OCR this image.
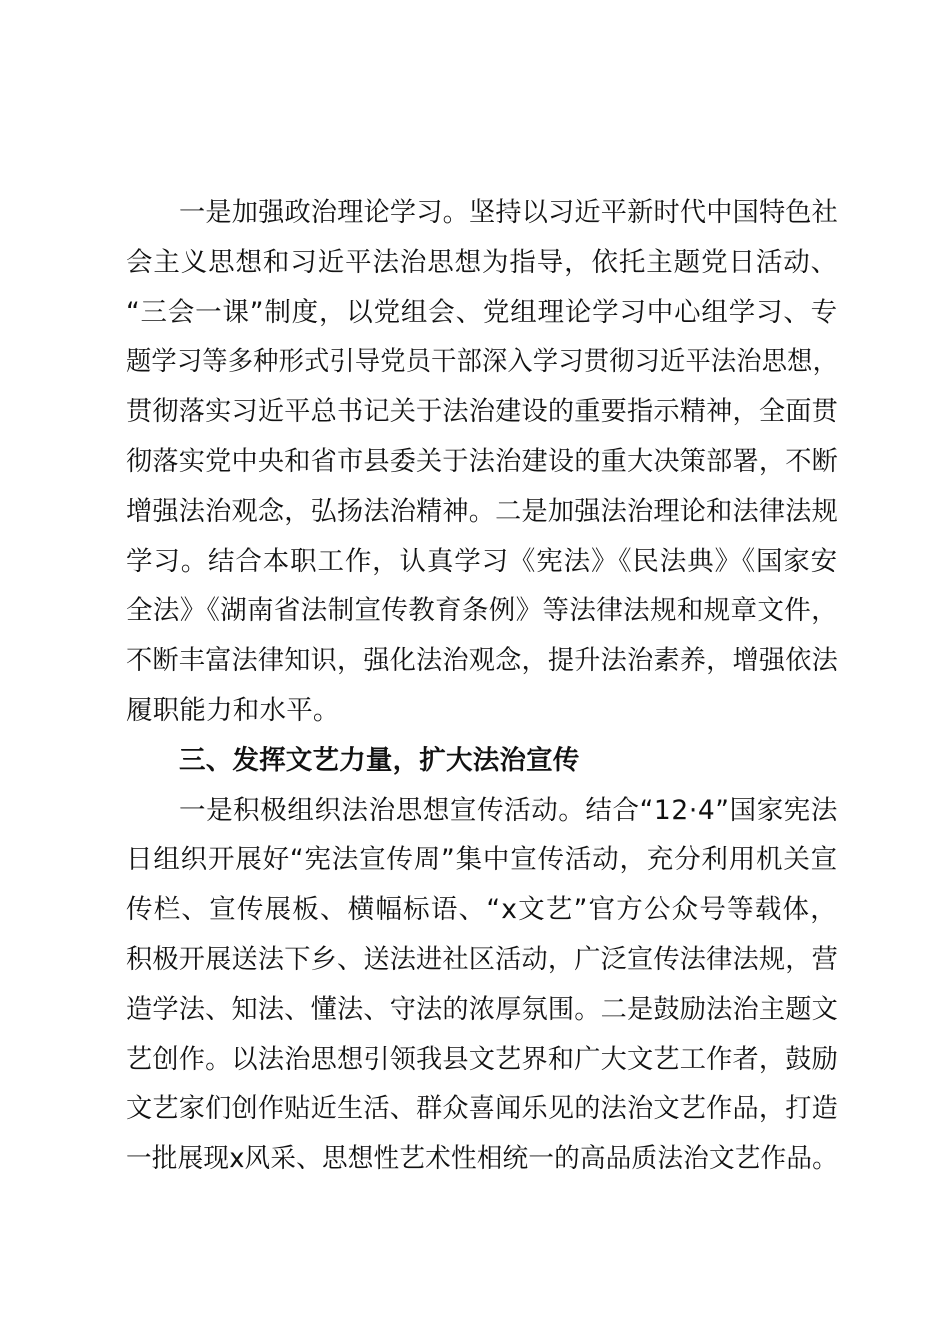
一是加强政治理论学习。坚持以习近平新时代中国特色社
会主义思想和习近平法治思想为指导，依托主题党日活动、
“三会一课”制度，以党组会、党组理论学习中心组学习、专
题学习等多种形式引导党员干部深入学习贯彻习近平法治思想，
贯彻落实习近平总书记关于法治建设的重要指示精神，全面贯
彻落实党中央和省市县委关于法治建设的重大决策部署，不断
增强法治观念，弘扬法治精神。二是加强法治理论和法律法规
学习。结合本职工作，认真学习《宪法》《民法典》《国家安
全法》《湖南省法制宣传教育条例》等法律法规和规章文件，
不断丰富法律知识，强化法治观念，提升法治素养，增强依法
履职能力和水平。
三、发挥文艺力量，扩大法治宣传
一是积极组织法治思想宣传活动。结合“12·4”国家宪法
日组织开展好“宪法宣传周”集中宣传活动，充分利用机关宣
传栏、宣传展板、横幅标语、“x文艺”官方公众号等载体，
积极开展送法下乡、送法进社区活动，广泛宣传法律法规，营
造学法、知法、懂法、守法的浓厚氛围。二是鼓励法治主题文
艺创作。以法治思想引领我县文艺界和广大文艺工作者，鼓励
文艺家们创作贴近生活、群众喜闻乐见的法治文艺作品，打造
一批展现x风采、思想性艺术性相统一的高品质法治文艺作品。
